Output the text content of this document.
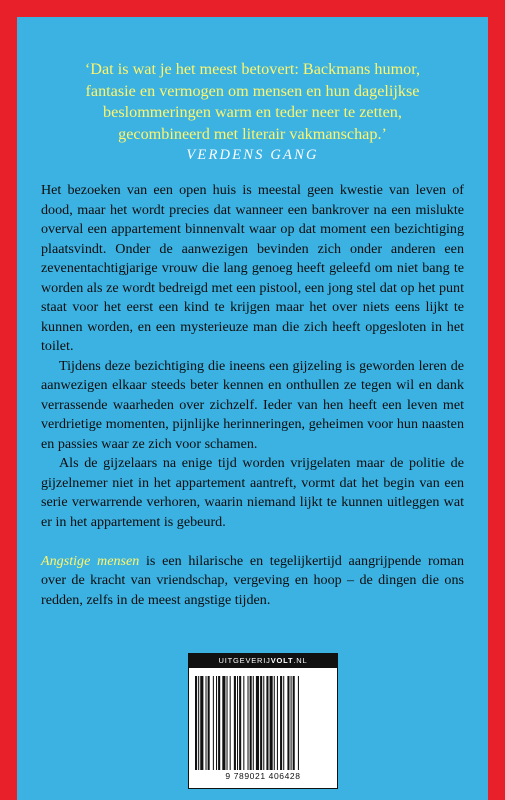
‘Dat is wat je het meest betovert: Backmans humor,
fantasie en vermogen om mensen en hun dagelijkse
beslommeringen warm en teder neer te zetten,
gecombineerd met literair vakmanschap.’
VERDENS GANG

Het bezoeken van een open huis is meestal geen kwestie van leven of dood, maar het wordt precies dat wanneer een bankrover na een mislukte overval een appartement binnenvalt waar op dat moment een bezichtiging plaatsvindt. Onder de aanwezigen bevinden zich onder anderen een zevenentachtigjarige vrouw die lang genoeg heeft geleefd om niet bang te worden als ze wordt bedreigd met een pistool, een jong stel dat op het punt staat voor het eerst een kind te krijgen maar het over niets eens lijkt te kunnen worden, en een mysterieuze man die zich heeft opgesloten in het toilet.

Tijdens deze bezichtiging die ineens een gijzeling is geworden leren de aanwezigen elkaar steeds beter kennen en onthullen ze tegen wil en dank verrassende waarheden over zichzelf. Ieder van hen heeft een leven met verdrietige momenten, pijnlijke herinneringen, geheimen voor hun naasten en passies waar ze zich voor schamen.

Als de gijzelaars na enige tijd worden vrijgelaten maar de politie de gijzelnemer niet in het appartement aantreft, vormt dat het begin van een serie verwarrende verhoren, waarin niemand lijkt te kunnen uitleggen wat er in het appartement is gebeurd.

Angstige mensen is een hilarische en tegelijkertijd aangrijpende roman over de kracht van vriendschap, vergeving en hoop – de dingen die ons redden, zelfs in de meest angstige tijden.

UITGEVERIJVOLT.NL
9 789021 406428
